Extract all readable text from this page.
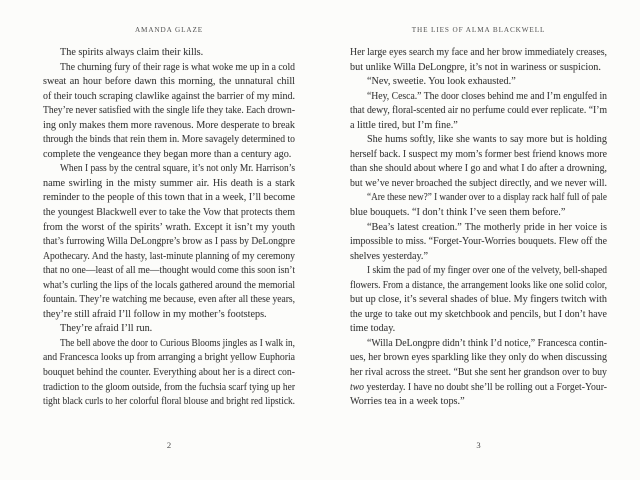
AMANDA GLAZE
The spirits always claim their kills.
The churning fury of their rage is what woke me up in a cold
sweat an hour before dawn this morning, the unnatural chill
of their touch scraping clawlike against the barrier of my mind.
They’re never satisfied with the single life they take. Each drown-
ing only makes them more ravenous. More desperate to break
through the binds that rein them in. More savagely determined to
complete the vengeance they began more than a century ago.
When I pass by the central square, it’s not only Mr. Harrison’s
name swirling in the misty summer air. His death is a stark
reminder to the people of this town that in a week, I’ll become
the youngest Blackwell ever to take the Vow that protects them
from the worst of the spirits’ wrath. Except it isn’t my youth
that’s furrowing Willa DeLongpre’s brow as I pass by DeLongpre
Apothecary. And the hasty, last-minute planning of my ceremony
that no one—least of all me—thought would come this soon isn’t
what’s curling the lips of the locals gathered around the memorial
fountain. They’re watching me because, even after all these years,
they’re still afraid I’ll follow in my mother’s footsteps.
They’re afraid I’ll run.
The bell above the door to Curious Blooms jingles as I walk in,
and Francesca looks up from arranging a bright yellow Euphoria
bouquet behind the counter. Everything about her is a direct con-
tradiction to the gloom outside, from the fuchsia scarf tying up her
tight black curls to her colorful floral blouse and bright red lipstick.
2
THE LIES OF ALMA BLACKWELL
Her large eyes search my face and her brow immediately creases,
but unlike Willa DeLongpre, it’s not in wariness or suspicion.
“Nev, sweetie. You look exhausted.”
“Hey, Cesca.” The door closes behind me and I’m engulfed in
that dewy, floral-scented air no perfume could ever replicate. “I’m
a little tired, but I’m fine.”
She hums softly, like she wants to say more but is holding
herself back. I suspect my mom’s former best friend knows more
than she should about where I go and what I do after a drowning,
but we’ve never broached the subject directly, and we never will.
“Are these new?” I wander over to a display rack half full of pale
blue bouquets. “I don’t think I’ve seen them before.”
“Bea’s latest creation.” The motherly pride in her voice is
impossible to miss. “Forget-Your-Worries bouquets. Flew off the
shelves yesterday.”
I skim the pad of my finger over one of the velvety, bell-shaped
flowers. From a distance, the arrangement looks like one solid color,
but up close, it’s several shades of blue. My fingers twitch with
the urge to take out my sketchbook and pencils, but I don’t have
time today.
“Willa DeLongpre didn’t think I’d notice,” Francesca contin-
ues, her brown eyes sparkling like they only do when discussing
her rival across the street. “But she sent her grandson over to buy
two yesterday. I have no doubt she’ll be rolling out a Forget-Your-
Worries tea in a week tops.”
3
